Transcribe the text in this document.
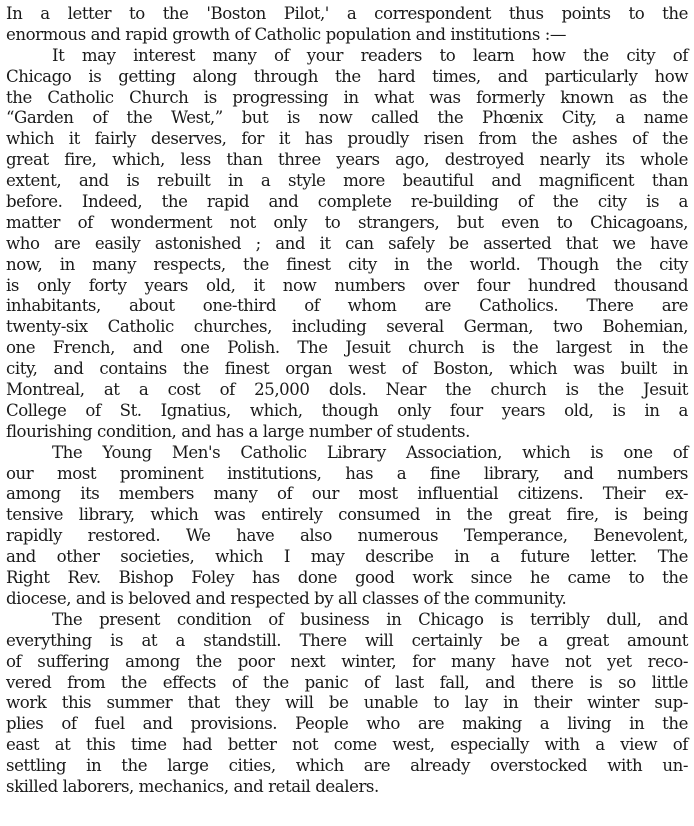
In a letter to the 'Boston Pilot,' a correspondent thus points to the
enormous and rapid growth of Catholic population and institutions :—
It may interest many of your readers to learn how the city of
Chicago is getting along through the hard times, and particularly how
the Catholic Church is progressing in what was formerly known as the
“Garden of the West,” but is now called the Phœnix City, a name
which it fairly deserves, for it has proudly risen from the ashes of the
great fire, which, less than three years ago, destroyed nearly its whole
extent, and is rebuilt in a style more beautiful and magnificent than
before. Indeed, the rapid and complete re-building of the city is a
matter of wonderment not only to strangers, but even to Chicagoans,
who are easily astonished ; and it can safely be asserted that we have
now, in many respects, the finest city in the world. Though the city
is only forty years old, it now numbers over four hundred thousand
inhabitants, about one-third of whom are Catholics. There are
twenty-six Catholic churches, including several German, two Bohemian,
one French, and one Polish. The Jesuit church is the largest in the
city, and contains the finest organ west of Boston, which was built in
Montreal, at a cost of 25,000 dols. Near the church is the Jesuit
College of St. Ignatius, which, though only four years old, is in a
flourishing condition, and has a large number of students.
The Young Men's Catholic Library Association, which is one of
our most prominent institutions, has a fine library, and numbers
among its members many of our most influential citizens. Their ex-
tensive library, which was entirely consumed in the great fire, is being
rapidly restored. We have also numerous Temperance, Benevolent,
and other societies, which I may describe in a future letter. The
Right Rev. Bishop Foley has done good work since he came to the
diocese, and is beloved and respected by all classes of the community.
The present condition of business in Chicago is terribly dull, and
everything is at a standstill. There will certainly be a great amount
of suffering among the poor next winter, for many have not yet reco-
vered from the effects of the panic of last fall, and there is so little
work this summer that they will be unable to lay in their winter sup-
plies of fuel and provisions. People who are making a living in the
east at this time had better not come west, especially with a view of
settling in the large cities, which are already overstocked with un-
skilled laborers, mechanics, and retail dealers.
